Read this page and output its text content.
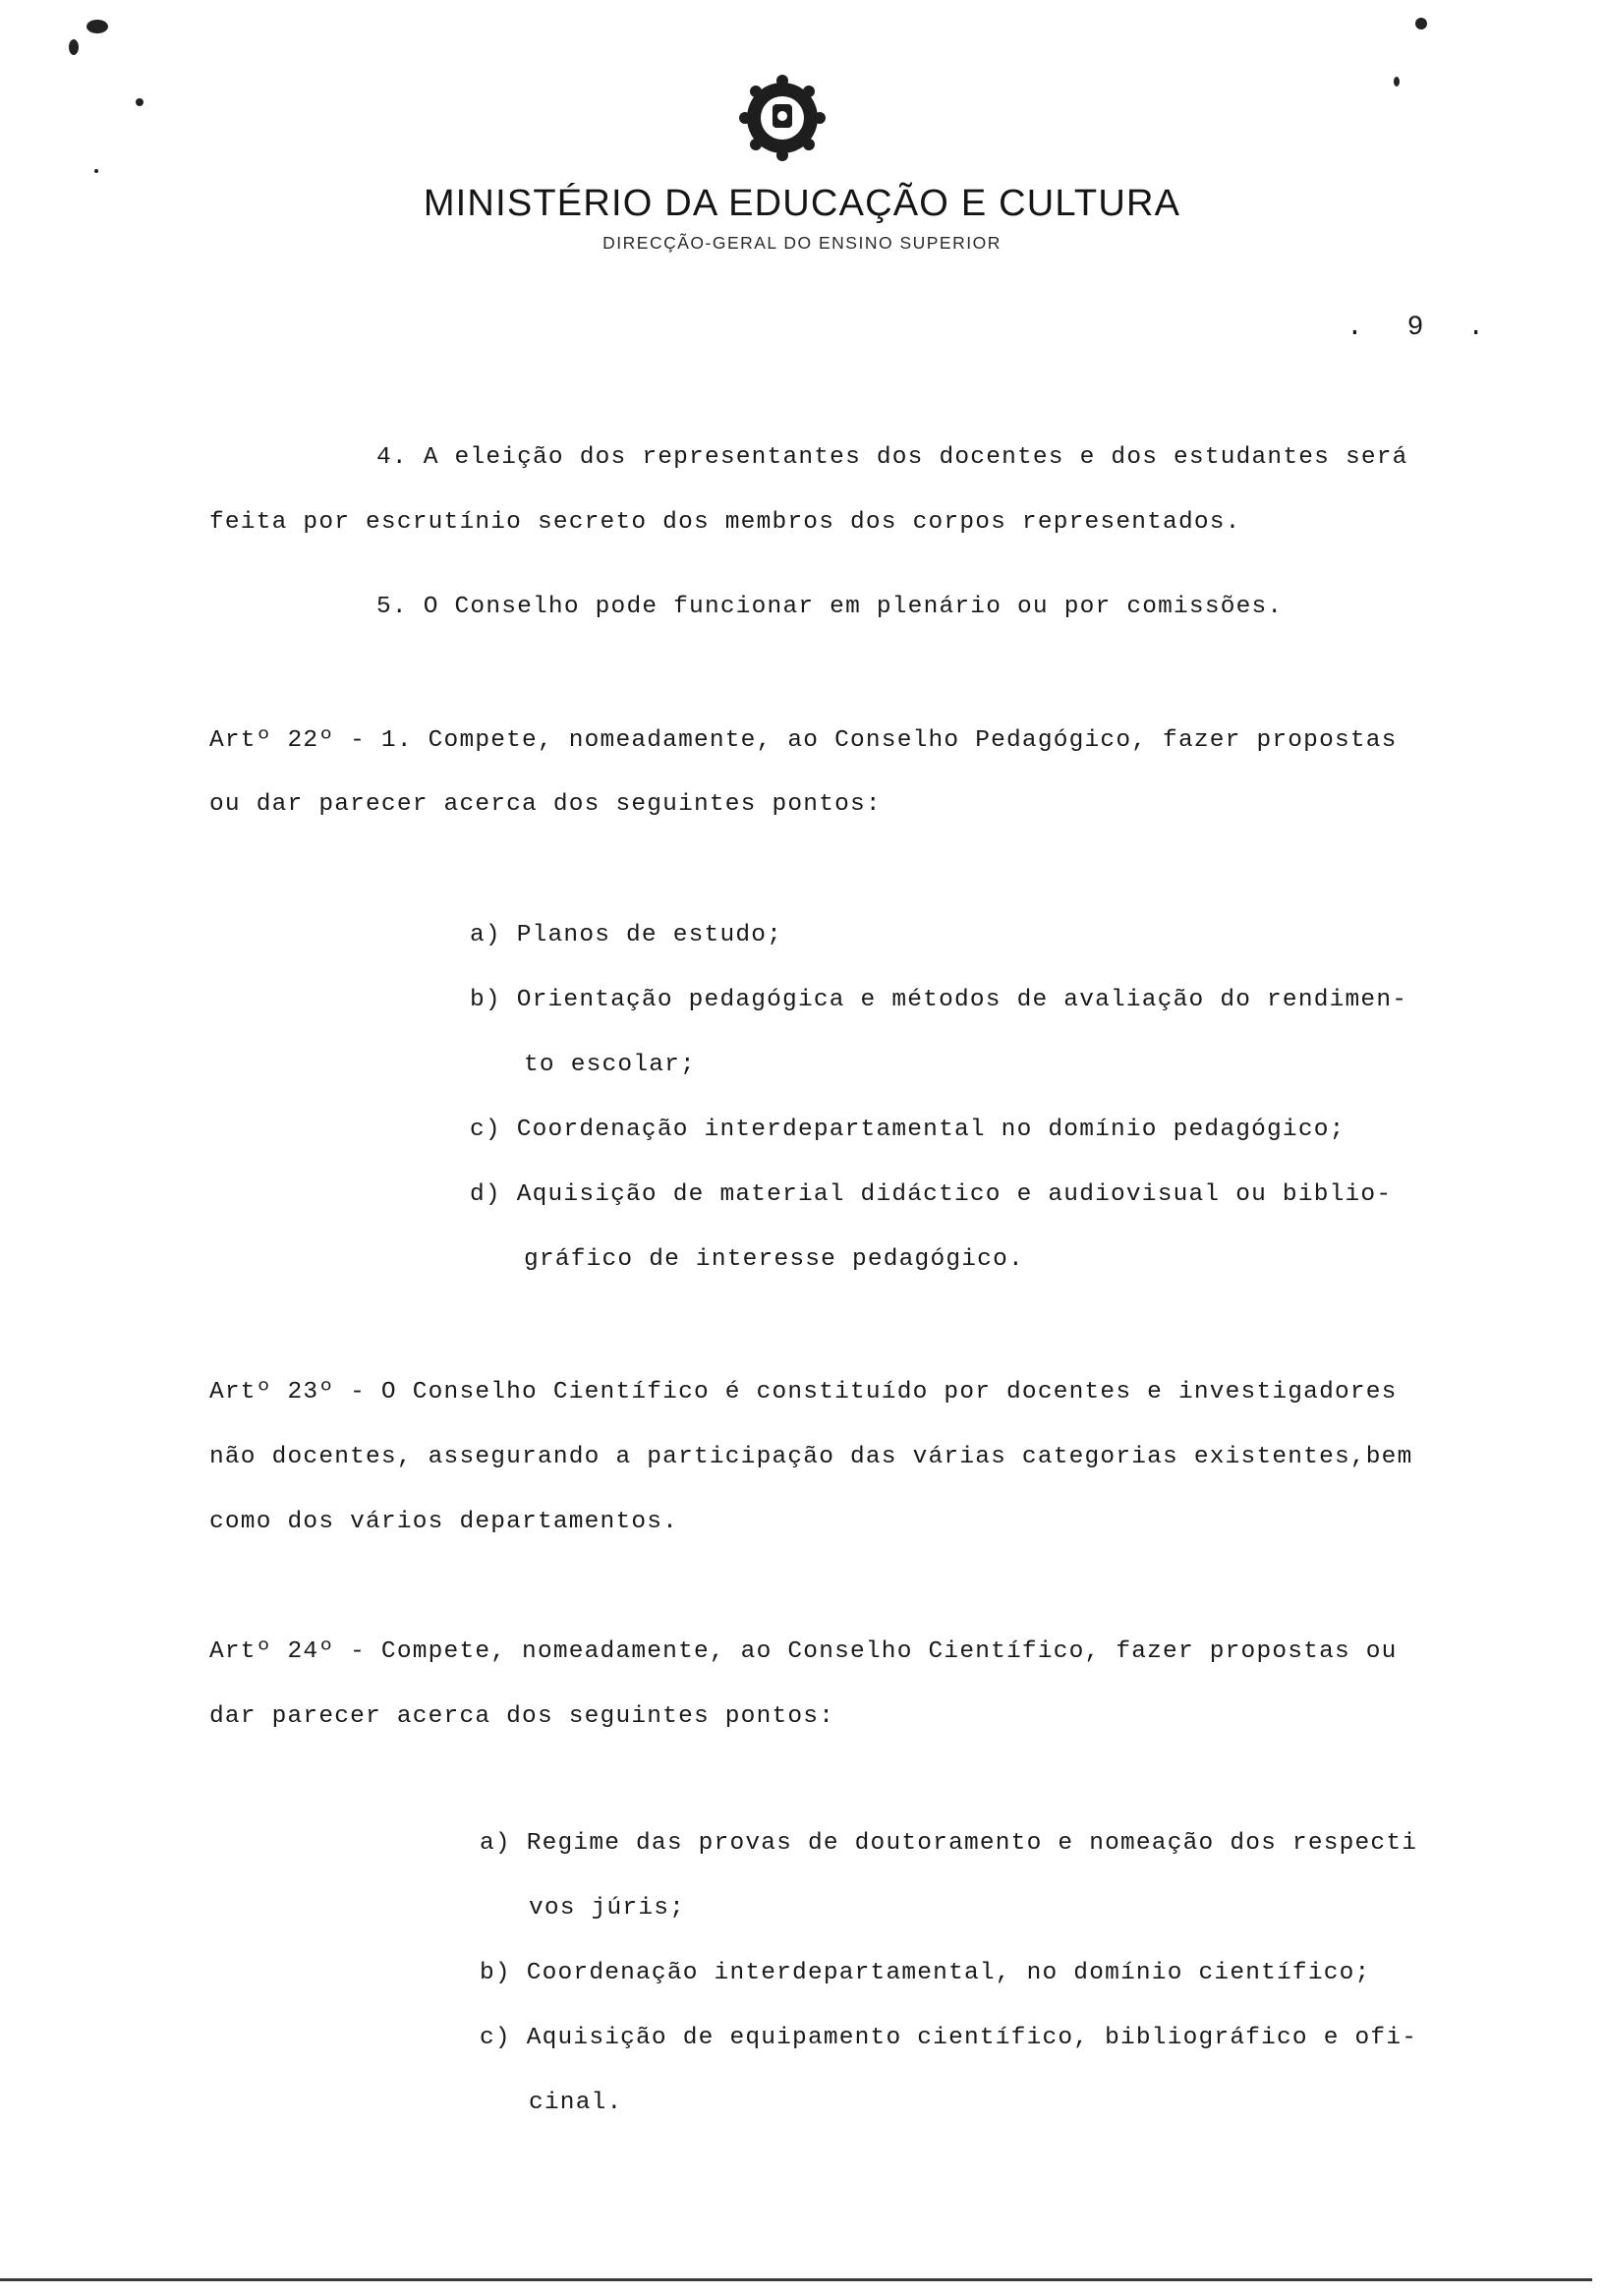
MINISTÉRIO DA EDUCAÇÃO E CULTURA
DIRECÇÃO-GERAL DO ENSINO SUPERIOR
. 9 .
4. A eleição dos representantes dos docentes e dos estudantes será
feita por escrutínio secreto dos membros dos corpos representados.
5. O Conselho pode funcionar em plenário ou por comissões.
Artº 22º - 1. Compete, nomeadamente, ao Conselho Pedagógico, fazer propostas
ou dar parecer acerca dos seguintes pontos:
a) Planos de estudo;
b) Orientação pedagógica e métodos de avaliação do rendimen-
to escolar;
c) Coordenação interdepartamental no domínio pedagógico;
d) Aquisição de material didáctico e audiovisual ou biblio-
gráfico de interesse pedagógico.
Artº 23º - O Conselho Científico é constituído por docentes e investigadores
não docentes, assegurando a participação das várias categorias existentes,bem
como dos vários departamentos.
Artº 24º - Compete, nomeadamente, ao Conselho Científico, fazer propostas ou
dar parecer acerca dos seguintes pontos:
a) Regime das provas de doutoramento e nomeação dos respecti
vos júris;
b) Coordenação interdepartamental, no domínio científico;
c) Aquisição de equipamento científico, bibliográfico e ofi-
cinal.
